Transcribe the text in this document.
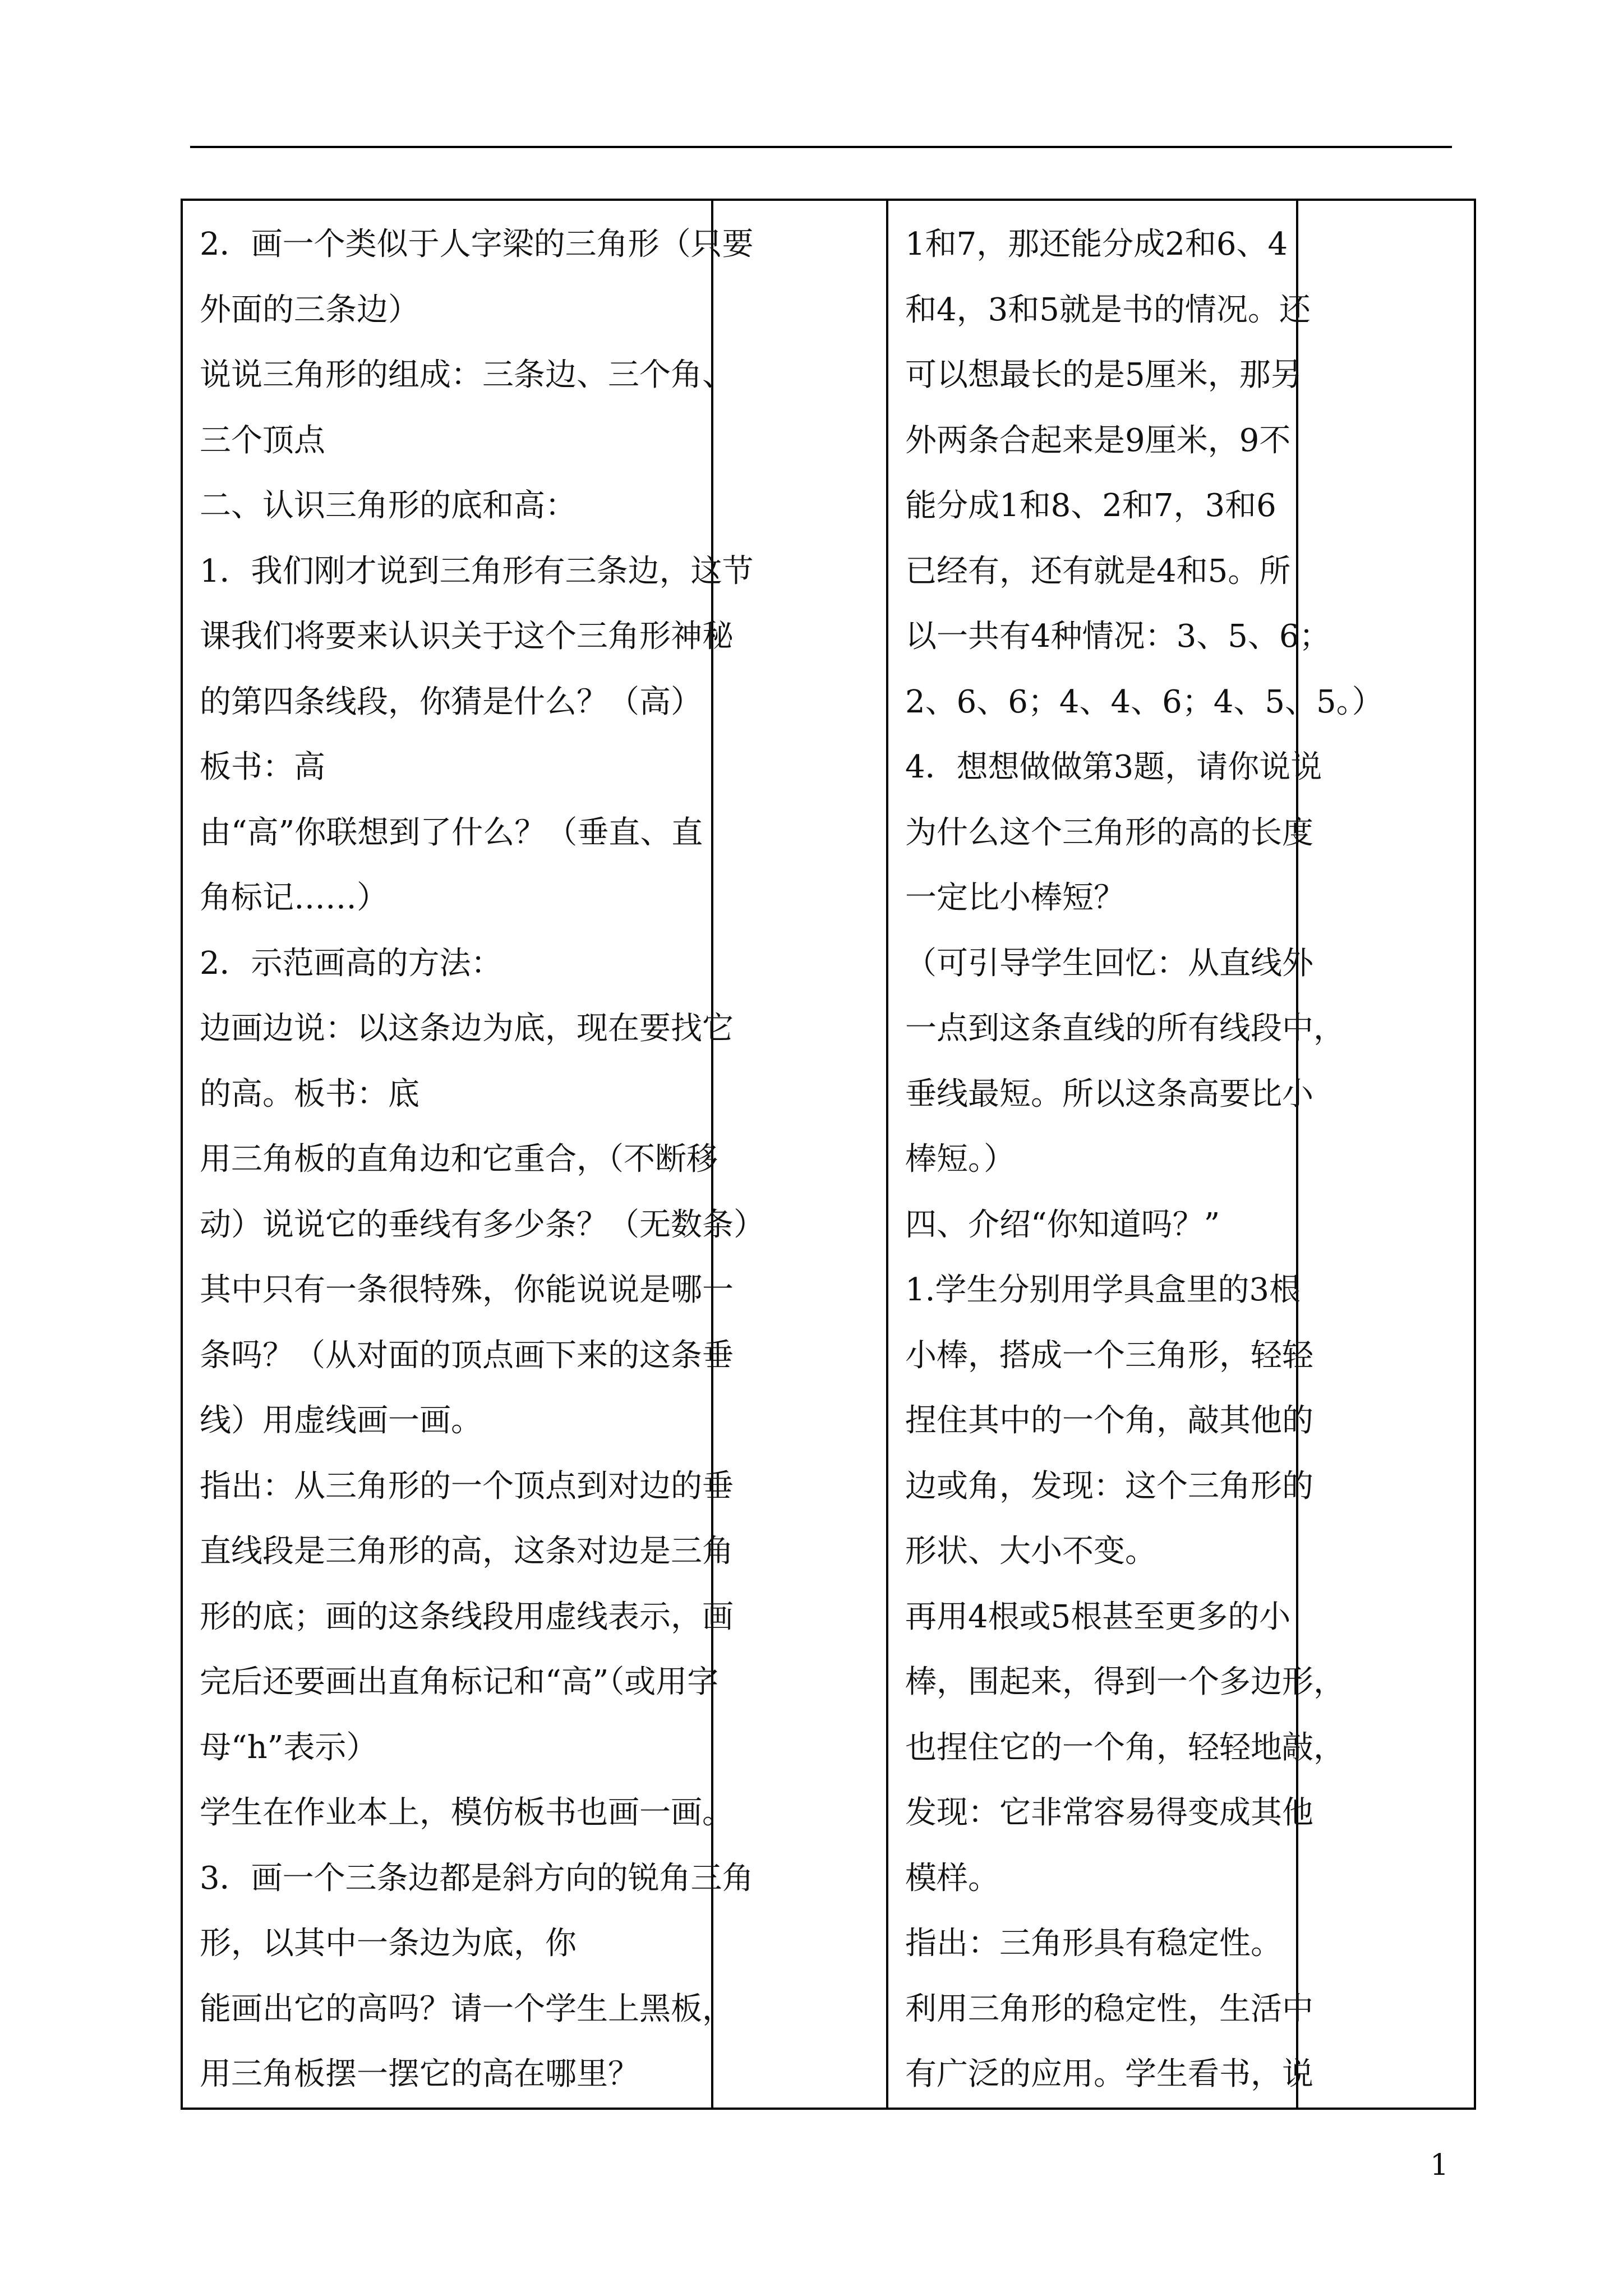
2．画一个类似于人字梁的三角形（只要
外面的三条边）
说说三角形的组成：三条边、三个角、
三个顶点
二、认识三角形的底和高：
1．我们刚才说到三角形有三条边，这节
课我们将要来认识关于这个三角形神秘
的第四条线段，你猜是什么？（高）
板书：高
由“高”你联想到了什么？（垂直、直
角标记……）
2．示范画高的方法：
边画边说：以这条边为底，现在要找它
的高。板书：底
用三角板的直角边和它重合，（不断移
动）说说它的垂线有多少条？（无数条）
其中只有一条很特殊，你能说说是哪一
条吗？（从对面的顶点画下来的这条垂
线）用虚线画一画。
指出：从三角形的一个顶点到对边的垂
直线段是三角形的高，这条对边是三角
形的底；画的这条线段用虚线表示，画
完后还要画出直角标记和“高”（或用字
母“h”表示）
学生在作业本上，模仿板书也画一画。
3．画一个三条边都是斜方向的锐角三角
形，以其中一条边为底，你
能画出它的高吗？请一个学生上黑板，
用三角板摆一摆它的高在哪里？

1和7，那还能分成2和6、4
和4，3和5就是书的情况。还
可以想最长的是5厘米，那另
外两条合起来是9厘米，9不
能分成1和8、2和7，3和6
已经有，还有就是4和5。所
以一共有4种情况：3、5、6；
2、6、6；4、4、6；4、5、5。）
4．想想做做第3题，请你说说
为什么这个三角形的高的长度
一定比小棒短？
（可引导学生回忆：从直线外
一点到这条直线的所有线段中，
垂线最短。所以这条高要比小
棒短。）
四、介绍“你知道吗？”
1.学生分别用学具盒里的3根
小棒，搭成一个三角形，轻轻
捏住其中的一个角，敲其他的
边或角，发现：这个三角形的
形状、大小不变。
再用4根或5根甚至更多的小
棒，围起来，得到一个多边形，
也捏住它的一个角，轻轻地敲，
发现：它非常容易得变成其他
模样。
指出：三角形具有稳定性。
利用三角形的稳定性，生活中
有广泛的应用。学生看书，说

1
